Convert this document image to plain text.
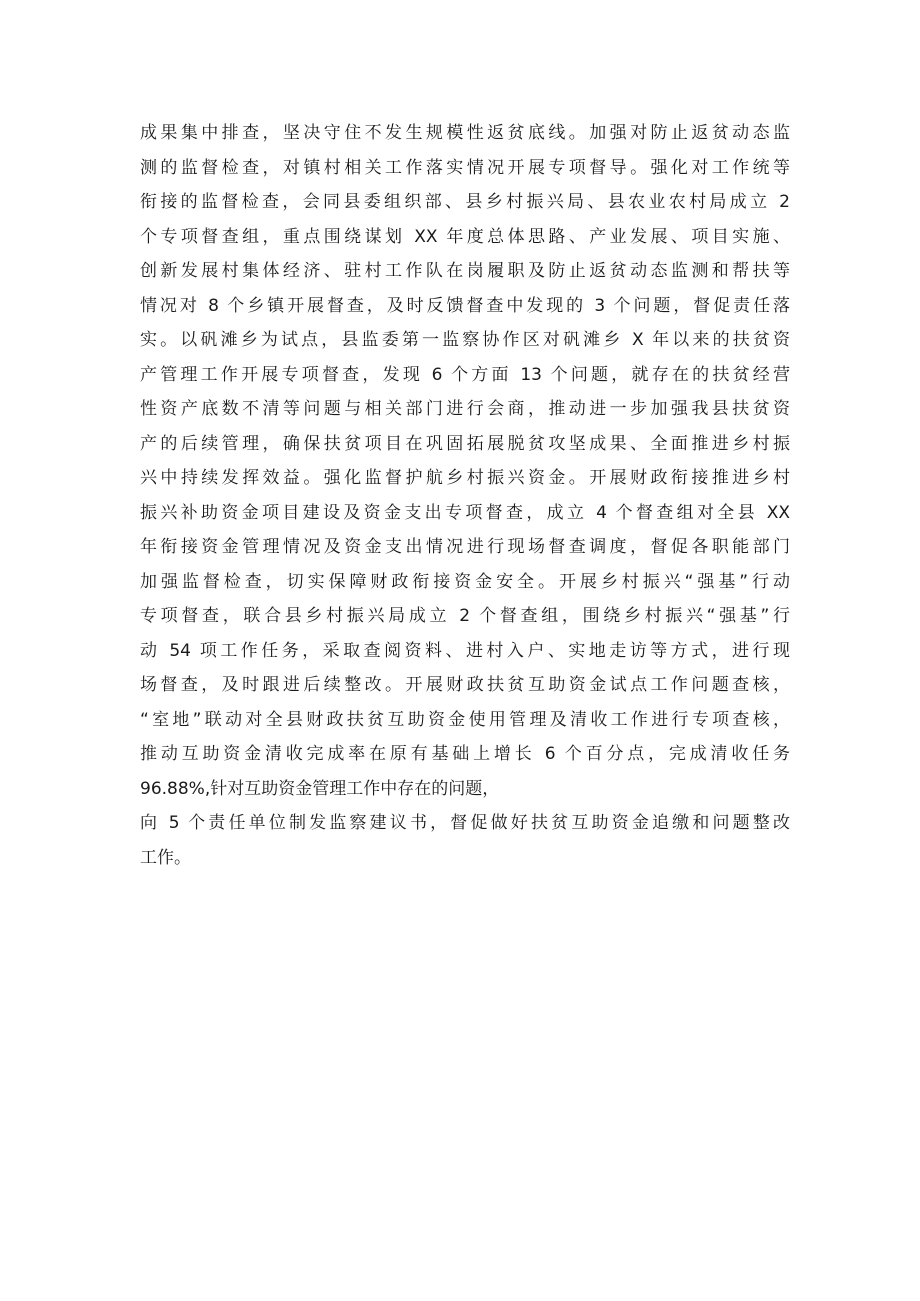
成果集中排查，坚决守住不发生规模性返贫底线。加强对防止返贫动态监
测的监督检查，对镇村相关工作落实情况开展专项督导。强化对工作统等
衔接的监督检查，会同县委组织部、县乡村振兴局、县农业农村局成立 2
个专项督查组，重点围绕谋划 XX 年度总体思路、产业发展、项目实施、
创新发展村集体经济、驻村工作队在岗履职及防止返贫动态监测和帮扶等
情况对 8 个乡镇开展督查，及时反馈督查中发现的 3 个问题，督促责任落
实。以矾滩乡为试点，县监委第一监察协作区对矾滩乡 X 年以来的扶贫资
产管理工作开展专项督查，发现 6 个方面 13 个问题，就存在的扶贫经营
性资产底数不清等问题与相关部门进行会商，推动进一步加强我县扶贫资
产的后续管理，确保扶贫项目在巩固拓展脱贫攻坚成果、全面推进乡村振
兴中持续发挥效益。强化监督护航乡村振兴资金。开展财政衔接推进乡村
振兴补助资金项目建设及资金支出专项督查，成立 4 个督查组对全县 XX
年衔接资金管理情况及资金支出情况进行现场督查调度，督促各职能部门
加强监督检查，切实保障财政衔接资金安全。开展乡村振兴“强基”行动
专项督查，联合县乡村振兴局成立 2 个督查组，围绕乡村振兴“强基”行
动 54 项工作任务，采取查阅资料、进村入户、实地走访等方式，进行现
场督查，及时跟进后续整改。开展财政扶贫互助资金试点工作问题查核，
“室地”联动对全县财政扶贫互助资金使用管理及清收工作进行专项查核，
推动互助资金清收完成率在原有基础上增长 6 个百分点，完成清收任务
96.88%,针对互助资金管理工作中存在的问题，
向 5 个责任单位制发监察建议书，督促做好扶贫互助资金追缴和问题整改
工作。
